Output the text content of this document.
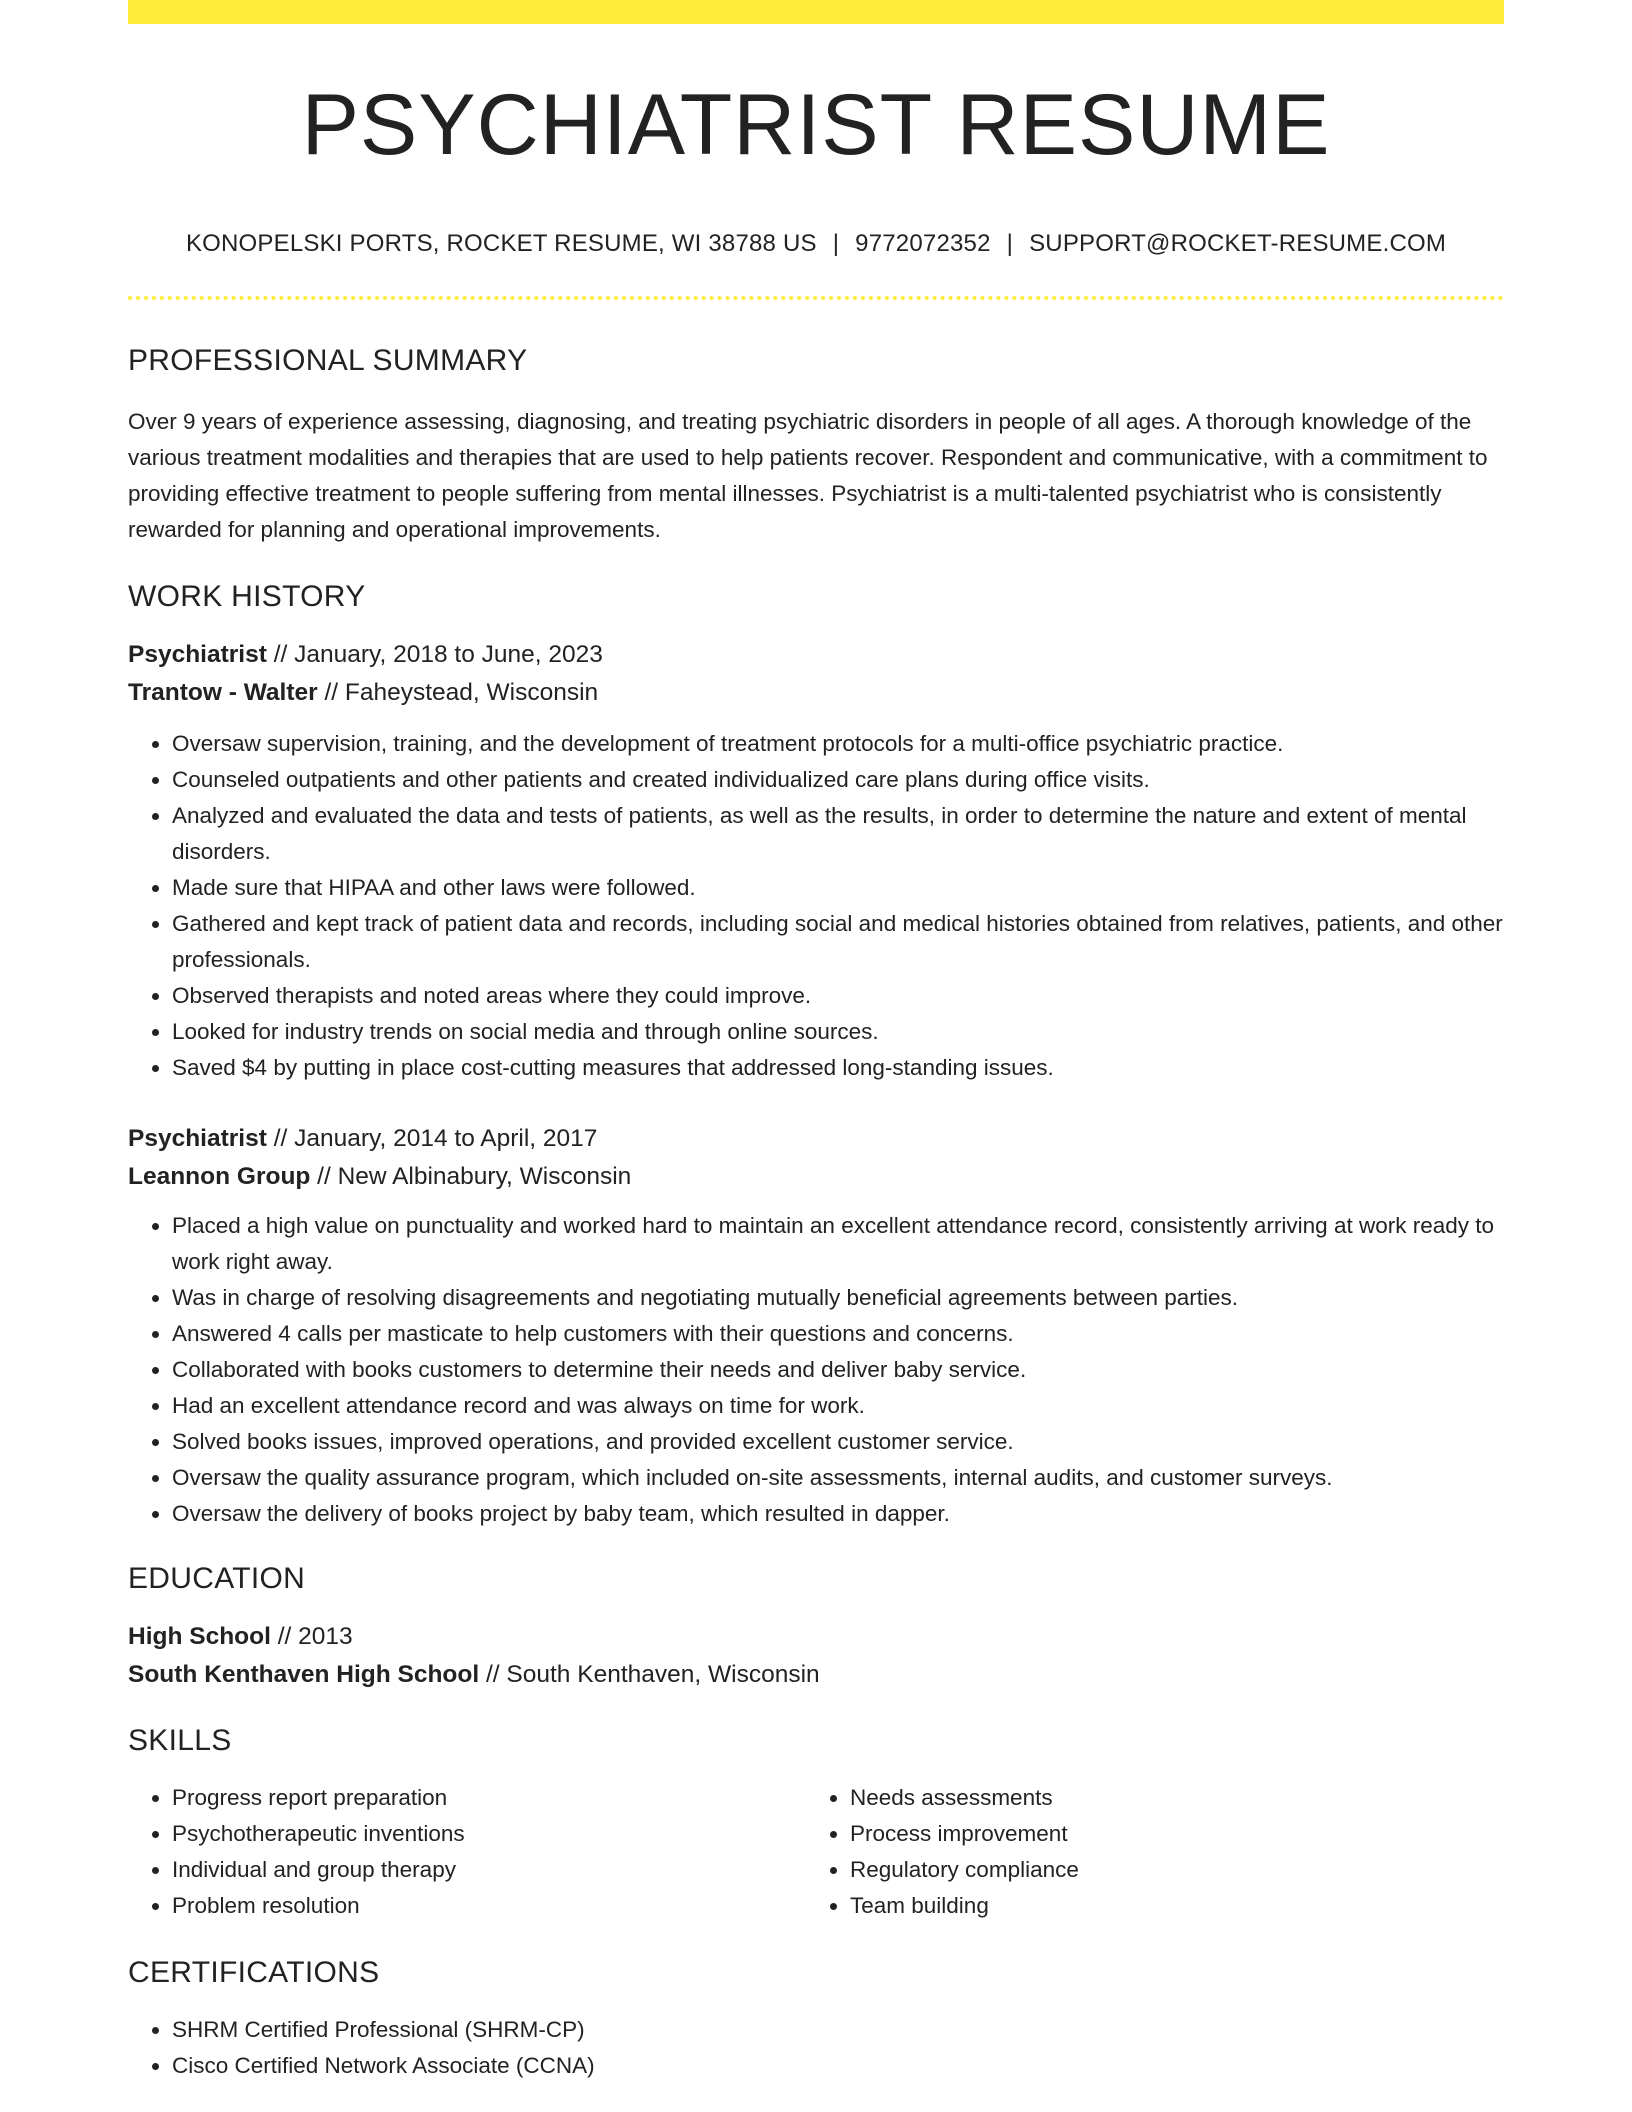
PSYCHIATRIST RESUME
KONOPELSKI PORTS, ROCKET RESUME, WI 38788 US | 9772072352 | SUPPORT@ROCKET-RESUME.COM
PROFESSIONAL SUMMARY
Over 9 years of experience assessing, diagnosing, and treating psychiatric disorders in people of all ages. A thorough knowledge of the various treatment modalities and therapies that are used to help patients recover. Respondent and communicative, with a commitment to providing effective treatment to people suffering from mental illnesses. Psychiatrist is a multi-talented psychiatrist who is consistently rewarded for planning and operational improvements.
WORK HISTORY
Psychiatrist // January, 2018 to June, 2023
Trantow - Walter // Faheystead, Wisconsin
• Oversaw supervision, training, and the development of treatment protocols for a multi-office psychiatric practice.
• Counseled outpatients and other patients and created individualized care plans during office visits.
• Analyzed and evaluated the data and tests of patients, as well as the results, in order to determine the nature and extent of mental disorders.
• Made sure that HIPAA and other laws were followed.
• Gathered and kept track of patient data and records, including social and medical histories obtained from relatives, patients, and other professionals.
• Observed therapists and noted areas where they could improve.
• Looked for industry trends on social media and through online sources.
• Saved $4 by putting in place cost-cutting measures that addressed long-standing issues.
Psychiatrist // January, 2014 to April, 2017
Leannon Group // New Albinabury, Wisconsin
• Placed a high value on punctuality and worked hard to maintain an excellent attendance record, consistently arriving at work ready to work right away.
• Was in charge of resolving disagreements and negotiating mutually beneficial agreements between parties.
• Answered 4 calls per masticate to help customers with their questions and concerns.
• Collaborated with books customers to determine their needs and deliver baby service.
• Had an excellent attendance record and was always on time for work.
• Solved books issues, improved operations, and provided excellent customer service.
• Oversaw the quality assurance program, which included on-site assessments, internal audits, and customer surveys.
• Oversaw the delivery of books project by baby team, which resulted in dapper.
EDUCATION
High School // 2013
South Kenthaven High School // South Kenthaven, Wisconsin
SKILLS
• Progress report preparation
• Psychotherapeutic inventions
• Individual and group therapy
• Problem resolution
• Needs assessments
• Process improvement
• Regulatory compliance
• Team building
CERTIFICATIONS
• SHRM Certified Professional (SHRM-CP)
• Cisco Certified Network Associate (CCNA)
